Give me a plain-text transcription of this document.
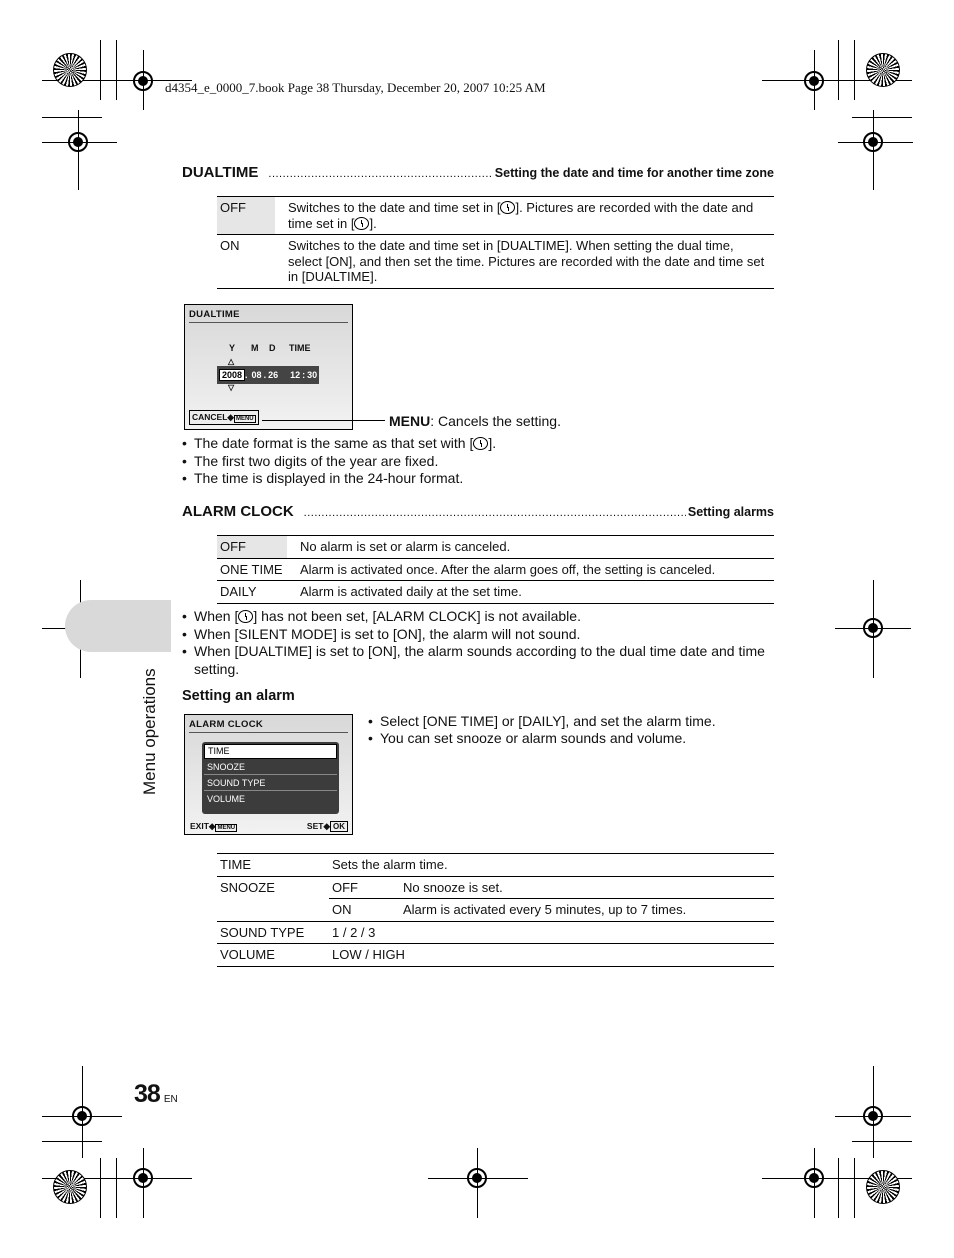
d4354_e_0000_7.book Page 38 Thursday, December 20, 2007 10:25 AM
Menu operations
DUALTIME .....	Setting the date and time for another time zone
OFF	Switches to the date and time set in [ ]. Pictures are recorded with the date and time set in [ ].
ON	Switches to the date and time set in [DUALTIME]. When setting the dual time, select [ON], and then set the time. Pictures are recorded with the date and time set in [DUALTIME].
DUALTIME
Y M D TIME
△
2008 . 08 . 26 12 : 30
▽
CANCEL◆ MENU	MENU: Cancels the setting.
• The date format is the same as that set with [ ].
• The first two digits of the year are fixed.
• The time is displayed in the 24-hour format.
ALARM CLOCK .....	Setting alarms
OFF	No alarm is set or alarm is canceled.
ONE TIME	Alarm is activated once. After the alarm goes off, the setting is canceled.
DAILY	Alarm is activated daily at the set time.
• When [ ] has not been set, [ALARM CLOCK] is not available.
• When [SILENT MODE] is set to [ON], the alarm will not sound.
• When [DUALTIME] is set to [ON], the alarm sounds according to the dual time date and time setting.
Setting an alarm
ALARM CLOCK
TIME
SNOOZE
SOUND TYPE
VOLUME
EXIT◆ MENU	SET◆ OK
• Select [ONE TIME] or [DAILY], and set the alarm time.
• You can set snooze or alarm sounds and volume.
TIME	Sets the alarm time.	
SNOOZE	OFF	No snooze is set.
	ON	Alarm is activated every 5 minutes, up to 7 times.
SOUND TYPE	1 / 2 / 3	
VOLUME	LOW / HIGH	
38 EN
